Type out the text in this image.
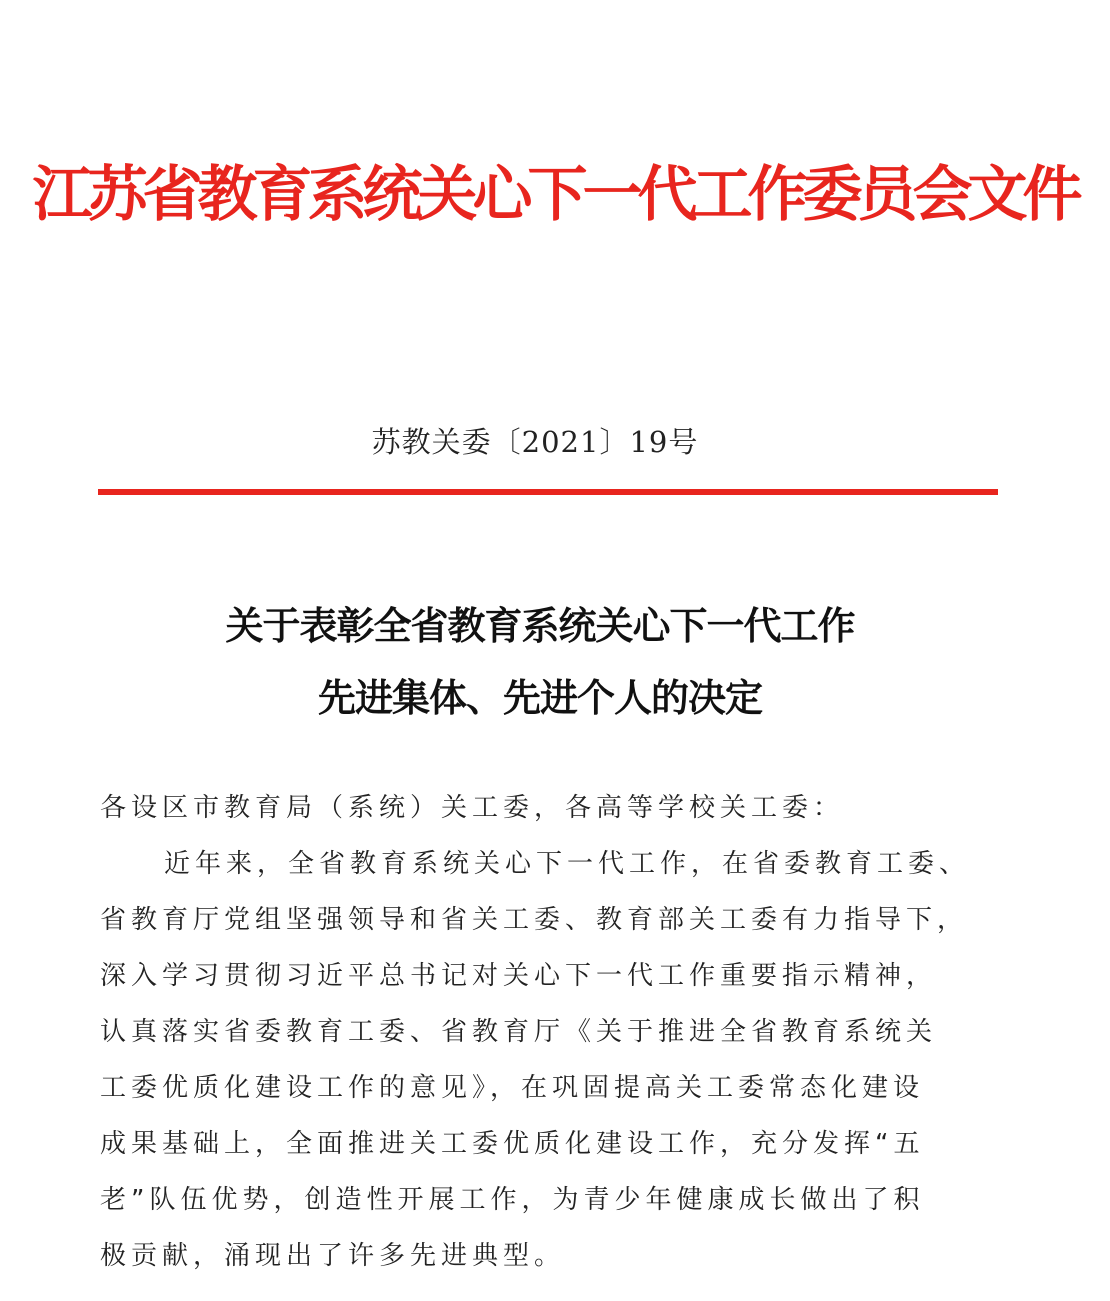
江苏省教育系统关心下一代工作委员会文件
苏教关委〔2021〕19号
关于表彰全省教育系统关心下一代工作
先进集体、先进个人的决定
各设区市教育局（系统）关工委，各高等学校关工委：
近年来，全省教育系统关心下一代工作，在省委教育工委、
省教育厅党组坚强领导和省关工委、教育部关工委有力指导下，
深入学习贯彻习近平总书记对关心下一代工作重要指示精神，
认真落实省委教育工委、省教育厅《关于推进全省教育系统关
工委优质化建设工作的意见》，在巩固提高关工委常态化建设
成果基础上，全面推进关工委优质化建设工作，充分发挥“五
老”队伍优势，创造性开展工作，为青少年健康成长做出了积
极贡献，涌现出了许多先进典型。
